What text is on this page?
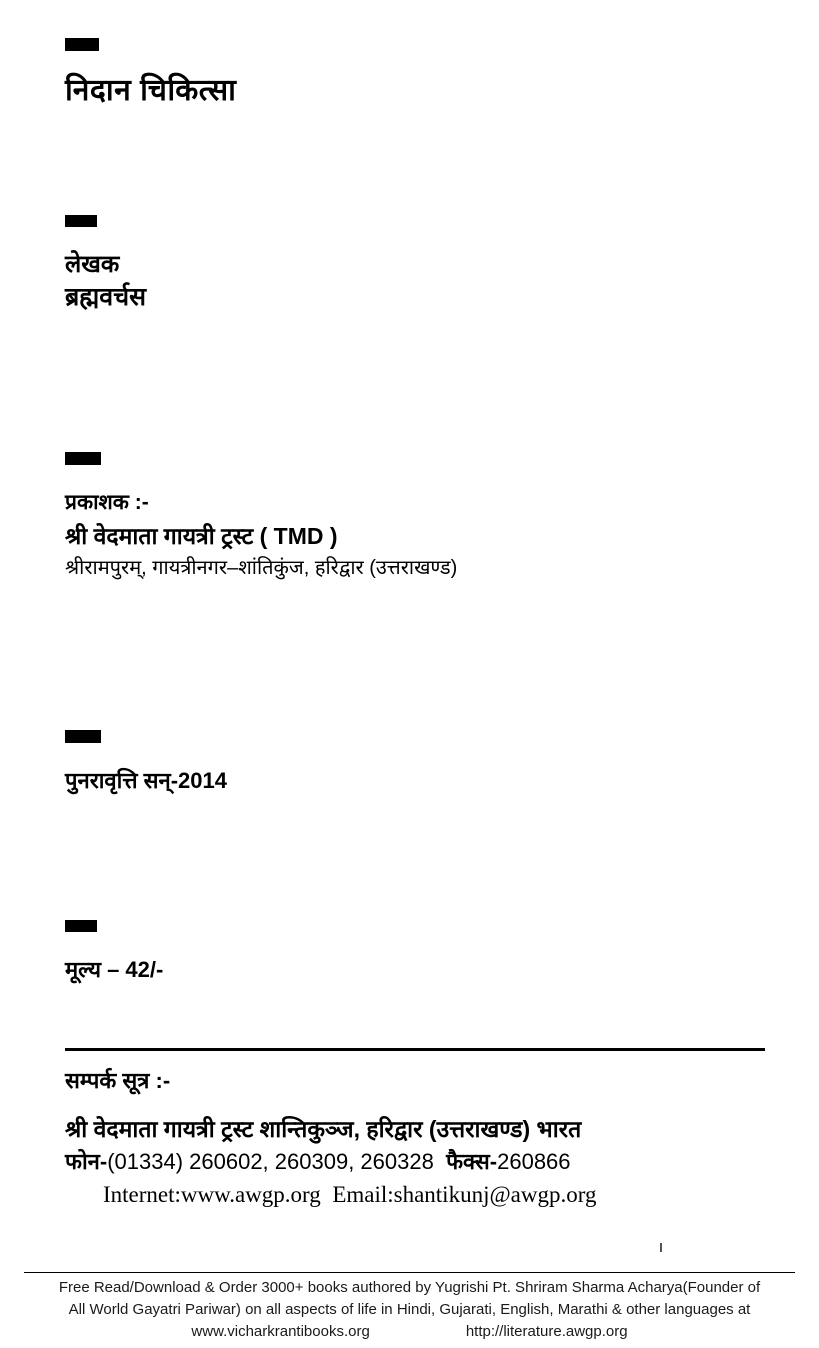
निदान चिकित्सा
लेखक
ब्रह्मवर्चस
प्रकाशक :-
श्री वेदमाता गायत्री ट्रस्ट ( TMD )
श्रीरामपुरम्, गायत्रीनगर–शांतिकुंज, हरिद्वार (उत्तराखण्ड)
पुनरावृत्ति सन्-2014
मूल्य – 42/-
सम्पर्क सूत्र :-
श्री वेदमाता गायत्री ट्रस्ट शान्तिकुञ्ज, हरिद्वार (उत्तराखण्ड) भारत
फोन-(01334) 260602, 260309, 260328 फैक्स-260866
Internet:www.awgp.org Email:shantikunj@awgp.org
Free Read/Download & Order 3000+ books authored by Yugrishi Pt. Shriram Sharma Acharya(Founder of
All World Gayatri Pariwar) on all aspects of life in Hindi, Gujarati, English, Marathi & other languages at
www.vicharkrantibooks.org	http://literature.awgp.org
